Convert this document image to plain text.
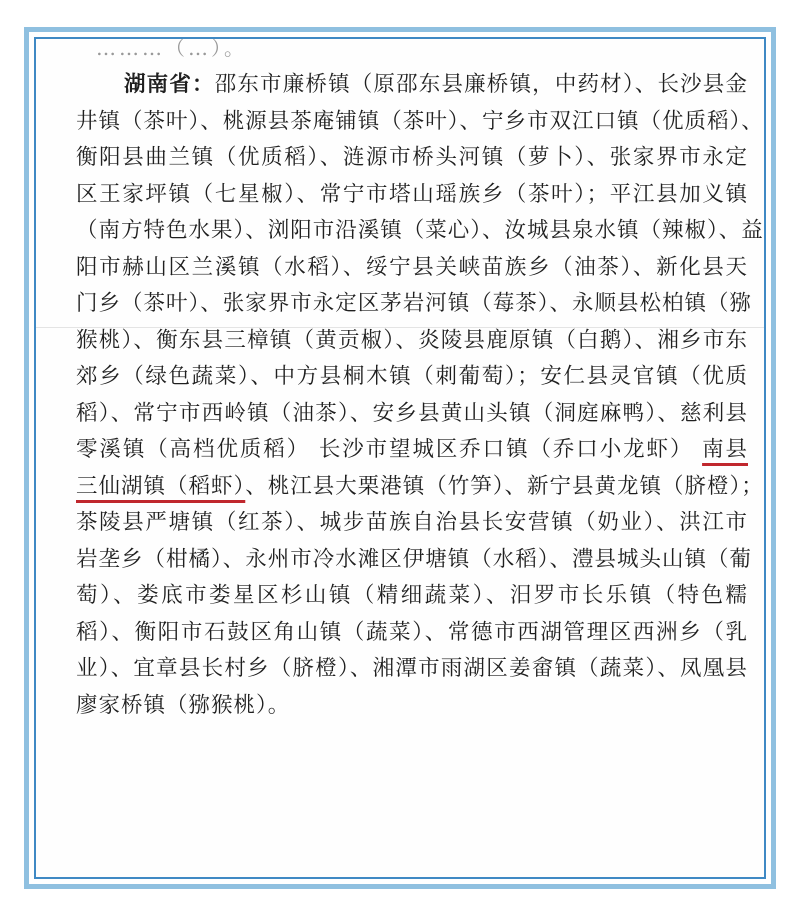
………（…）。
湖南省：邵东市廉桥镇（原邵东县廉桥镇，中药材）、长沙县金
井镇（茶叶）、桃源县茶庵铺镇（茶叶）、宁乡市双江口镇（优质稻）、
衡阳县曲兰镇（优质稻）、涟源市桥头河镇（萝卜）、张家界市永定
区王家坪镇（七星椒）、常宁市塔山瑶族乡（茶叶）；平江县加义镇
（南方特色水果）、浏阳市沿溪镇（菜心）、汝城县泉水镇（辣椒）、益
阳市赫山区兰溪镇（水稻）、绥宁县关峡苗族乡（油茶）、新化县天
门乡（茶叶）、张家界市永定区茅岩河镇（莓茶）、永顺县松柏镇（猕
猴桃）、衡东县三樟镇（黄贡椒）、炎陵县鹿原镇（白鹅）、湘乡市东
郊乡（绿色蔬菜）、中方县桐木镇（刺葡萄）；安仁县灵官镇（优质
稻）、常宁市西岭镇（油茶）、安乡县黄山头镇（洞庭麻鸭）、慈利县
零溪镇（高档优质稻） 长沙市望城区乔口镇（乔口小龙虾） 南县
三仙湖镇（稻虾）、桃江县大栗港镇（竹笋）、新宁县黄龙镇（脐橙）；
茶陵县严塘镇（红茶）、城步苗族自治县长安营镇（奶业）、洪江市
岩垄乡（柑橘）、永州市冷水滩区伊塘镇（水稻）、澧县城头山镇（葡
萄）、娄底市娄星区杉山镇（精细蔬菜）、汨罗市长乐镇（特色糯
稻）、衡阳市石鼓区角山镇（蔬菜）、常德市西湖管理区西洲乡（乳
业）、宜章县长村乡（脐橙）、湘潭市雨湖区姜畲镇（蔬菜）、凤凰县
廖家桥镇（猕猴桃）。
